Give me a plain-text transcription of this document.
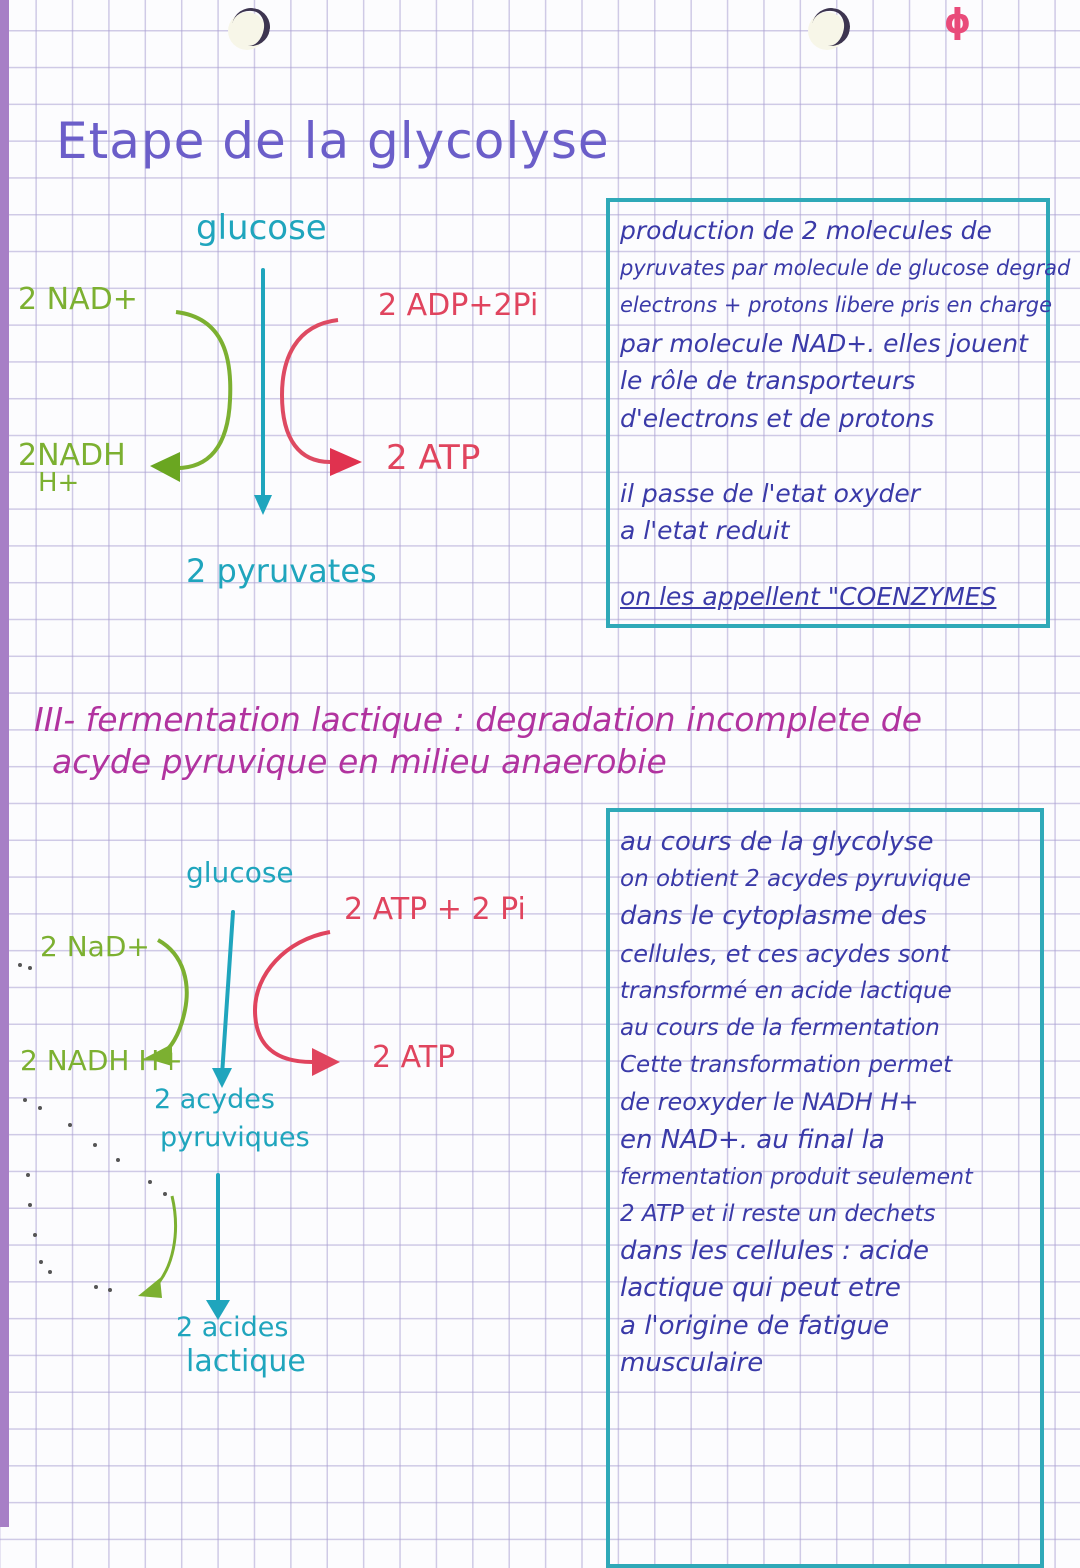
ϕ
Etape de la glycolyse
glucose
2 NAD+
2NADH
H+
2 ADP+2Pi
2 ATP
2 pyruvates
production de 2 molecules de
pyruvates par molecule de glucose degrad
electrons + protons libere pris en charge
par molecule NAD+. elles jouent
le rôle de transporteurs
d'electrons et de protons
il passe de l'etat oxyder
a l'etat reduit
on les appellent "COENZYMES
III- fermentation lactique : degradation incomplete de
acyde pyruvique en milieu anaerobie
glucose
2 ATP + 2 Pi
2 NaD+
2 NADH H+	2 ATP
2 acydes
pyruviques
2 acides
lactique
au cours de la glycolyse
on obtient 2 acydes pyruvique
dans le cytoplasme des
cellules, et ces acydes sont
transformé en acide lactique
au cours de la fermentation
Cette transformation permet
de reoxyder le NADH H+
en NAD+. au final la
fermentation produit seulement
2 ATP et il reste un dechets
dans les cellules : acide
lactique qui peut etre
a l'origine de fatigue
musculaire
